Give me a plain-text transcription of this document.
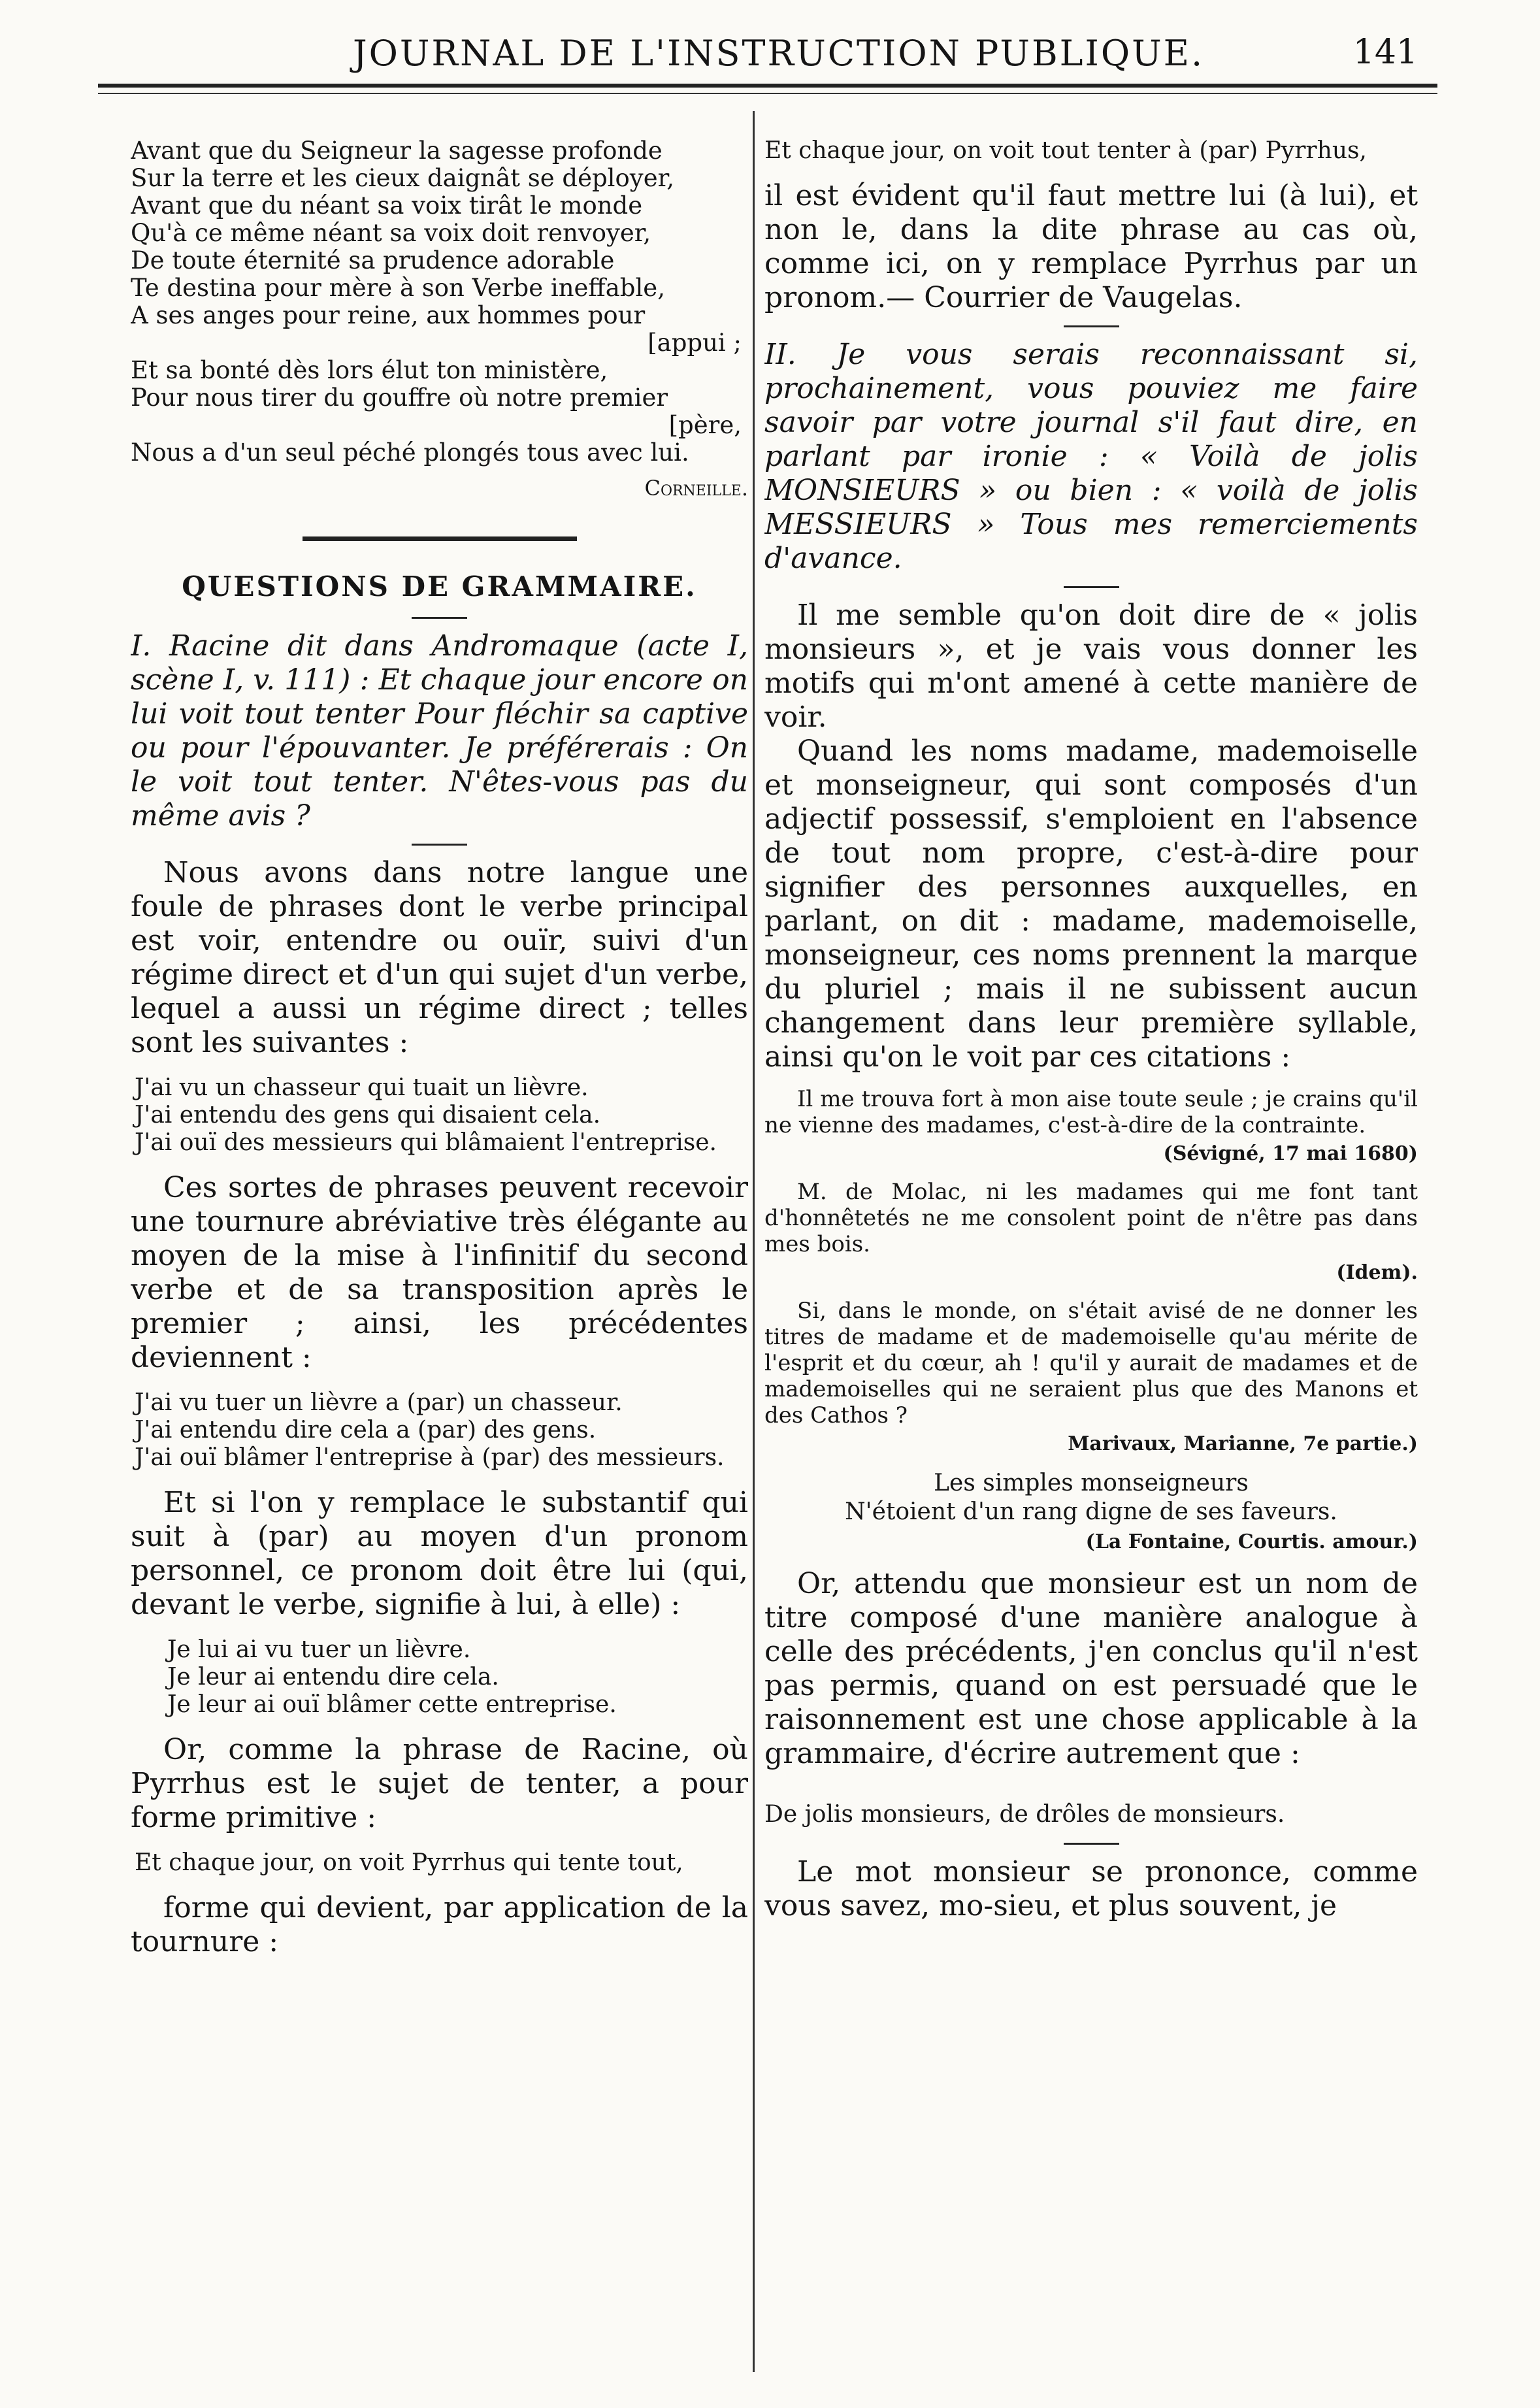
JOURNAL DE L'INSTRUCTION PUBLIQUE.	141

Avant que du Seigneur la sagesse profonde

Sur la terre et les cieux daignât se déployer,

Avant que du néant sa voix tirât le monde

Qu'à ce même néant sa voix doit renvoyer,

De toute éternité sa prudence adorable

Te destina pour mère à son Verbe ineffable,

A ses anges pour reine, aux hommes pour

[appui ;

Et sa bonté dès lors élut ton ministère,

Pour nous tirer du gouffre où notre premier

[père,

Nous a d'un seul péché plongés tous avec lui.

Corneille.

QUESTIONS DE GRAMMAIRE.

I. Racine dit dans Andromaque (acte I, scène I, v. 111) : Et chaque jour encore on lui voit tout tenter Pour fléchir sa captive ou pour l'épouvanter. Je préférerais : On le voit tout tenter. N'êtes-vous pas du même avis ?

Nous avons dans notre langue une foule de phrases dont le verbe principal est voir, entendre ou ouïr, suivi d'un régime direct et d'un qui sujet d'un verbe, lequel a aussi un régime direct ; telles sont les suivantes :

J'ai vu un chasseur qui tuait un lièvre.

J'ai entendu des gens qui disaient cela.

J'ai ouï des messieurs qui blâmaient l'entreprise.

Ces sortes de phrases peuvent recevoir une tournure abréviative très élégante au moyen de la mise à l'infinitif du second verbe et de sa transposition après le premier ; ainsi, les précédentes deviennent :

J'ai vu tuer un lièvre a (par) un chasseur.

J'ai entendu dire cela a (par) des gens.

J'ai ouï blâmer l'entreprise à (par) des messieurs.

Et si l'on y remplace le substantif qui suit à (par) au moyen d'un pronom personnel, ce pronom doit être lui (qui, devant le verbe, signifie à lui, à elle) :

Je lui ai vu tuer un lièvre.

Je leur ai entendu dire cela.

Je leur ai ouï blâmer cette entreprise.

Or, comme la phrase de Racine, où Pyrrhus est le sujet de tenter, a pour forme primitive :

Et chaque jour, on voit Pyrrhus qui tente tout,

forme qui devient, par application de la tournure :

Et chaque jour, on voit tout tenter à (par) Pyrrhus,

il est évident qu'il faut mettre lui (à lui), et non le, dans la dite phrase au cas où, comme ici, on y remplace Pyrrhus par un pronom.— Courrier de Vaugelas.

II. Je vous serais reconnaissant si, prochainement, vous pouviez me faire savoir par votre journal s'il faut dire, en parlant par ironie : « Voilà de jolis MONSIEURS » ou bien : « voilà de jolis MESSIEURS » Tous mes remerciements d'avance.

Il me semble qu'on doit dire de « jolis monsieurs », et je vais vous donner les motifs qui m'ont amené à cette manière de voir.

Quand les noms madame, mademoiselle et monseigneur, qui sont composés d'un adjectif possessif, s'emploient en l'absence de tout nom propre, c'est-à-dire pour signifier des personnes auxquelles, en parlant, on dit : madame, mademoiselle, monseigneur, ces noms prennent la marque du pluriel ; mais il ne subissent aucun changement dans leur première syllable, ainsi qu'on le voit par ces citations :

Il me trouva fort à mon aise toute seule ; je crains qu'il ne vienne des madames, c'est-à-dire de la contrainte.

(Sévigné, 17 mai 1680)

M. de Molac, ni les madames qui me font tant d'honnêtetés ne me consolent point de n'être pas dans mes bois.

(Idem).

Si, dans le monde, on s'était avisé de ne donner les titres de madame et de mademoiselle qu'au mérite de l'esprit et du cœur, ah ! qu'il y aurait de madames et de mademoiselles qui ne seraient plus que des Manons et des Cathos ?

Marivaux, Marianne, 7e partie.)

Les simples monseigneurs

N'étoient d'un rang digne de ses faveurs.

(La Fontaine, Courtis. amour.)

Or, attendu que monsieur est un nom de titre composé d'une manière analogue à celle des précédents, j'en conclus qu'il n'est pas permis, quand on est persuadé que le raisonnement est une chose applicable à la grammaire, d'écrire autrement que :

De jolis monsieurs, de drôles de monsieurs.

Le mot monsieur se prononce, comme vous savez, mo-sieu, et plus souvent, je
